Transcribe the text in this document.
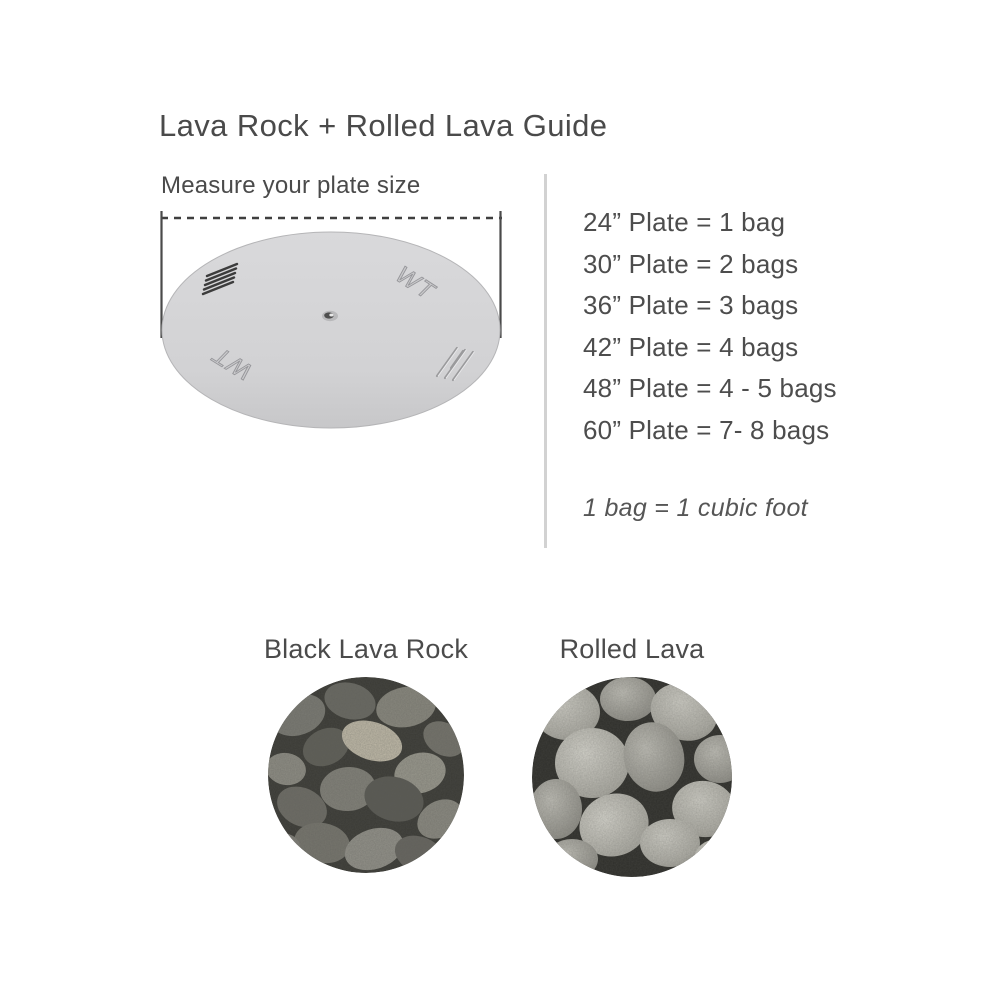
Lava Rock + Rolled Lava Guide
Measure your plate size
WT
WT
24” Plate = 1 bag
30” Plate = 2 bags
36” Plate = 3 bags
42” Plate = 4 bags
48” Plate = 4 - 5 bags
60” Plate = 7- 8 bags
1 bag = 1 cubic foot
Black Lava Rock	Rolled Lava
